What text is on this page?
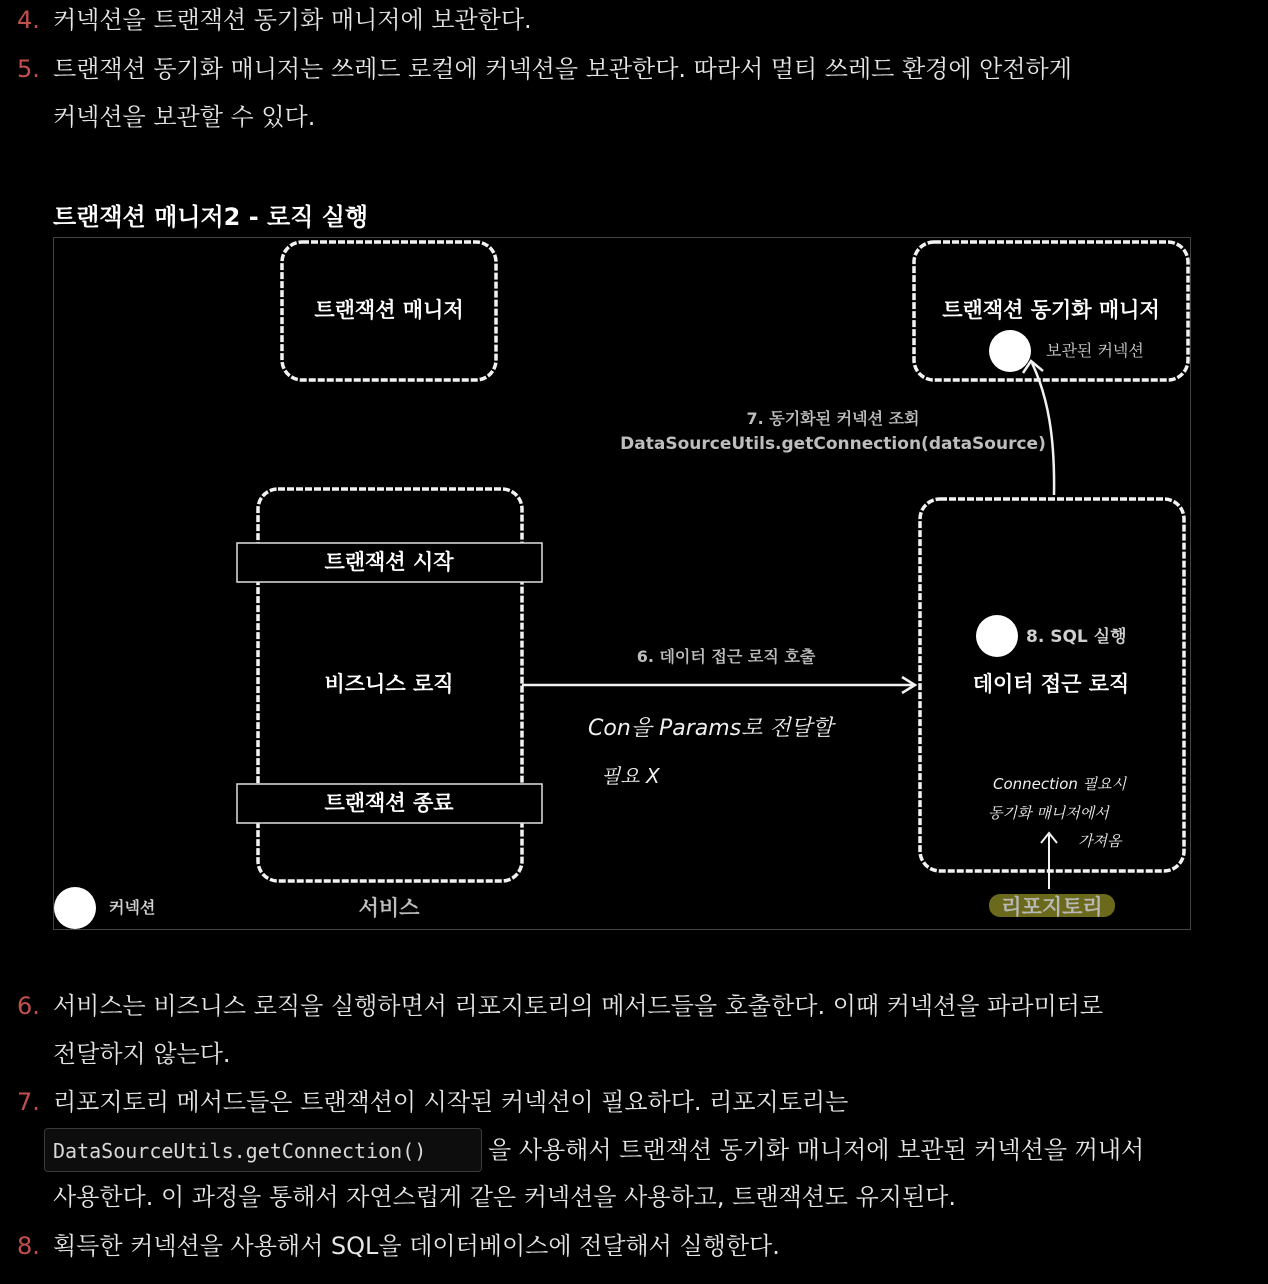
4. 커넥션을 트랜잭션 동기화 매니저에 보관한다.
5. 트랜잭션 동기화 매니저는 쓰레드 로컬에 커넥션을 보관한다. 따라서 멀티 쓰레드 환경에 안전하게
커넥션을 보관할 수 있다.
트랜잭션 매니저2 - 로직 실행
트랜잭션 매니저	트랜잭션 동기화 매니저
보관된 커넥션
7. 동기화된 커넥션 조회
DataSourceUtils.getConnection(dataSource)
트랜잭션 시작
비즈니스 로직
트랜잭션 종료
6. 데이터 접근 로직 호출
Con을 Params로 전달할
필요 X
8. SQL 실행
데이터 접근 로직
Connection 필요시
동기화 매니저에서
가져옴
커넥션	서비스	리포지토리
6. 서비스는 비즈니스 로직을 실행하면서 리포지토리의 메서드들을 호출한다. 이때 커넥션을 파라미터로
전달하지 않는다.
7. 리포지토리 메서드들은 트랜잭션이 시작된 커넥션이 필요하다. 리포지토리는
DataSourceUtils.getConnection()	을 사용해서 트랜잭션 동기화 매니저에 보관된 커넥션을 꺼내서
사용한다. 이 과정을 통해서 자연스럽게 같은 커넥션을 사용하고, 트랜잭션도 유지된다.
8. 획득한 커넥션을 사용해서 SQL을 데이터베이스에 전달해서 실행한다.
